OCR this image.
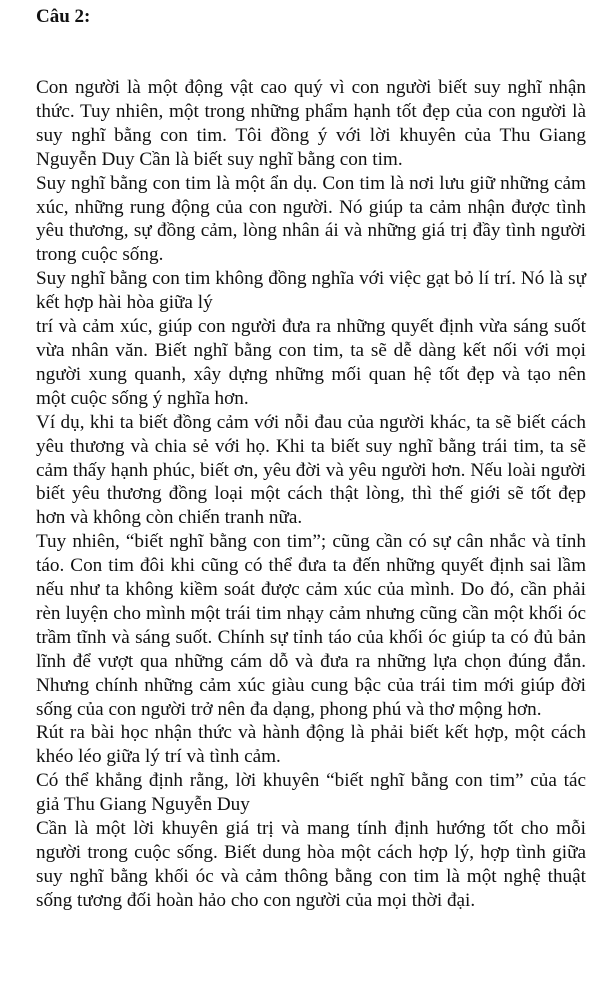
Câu 2:

Con người là một động vật cao quý vì con người biết suy nghĩ nhận thức. Tuy nhiên, một trong những phẩm hạnh tốt đẹp của con người là suy nghĩ bằng con tim. Tôi đồng ý với lời khuyên của Thu Giang Nguyễn Duy Cần là biết suy nghĩ bằng con tim.

Suy nghĩ bằng con tim là một ẩn dụ. Con tim là nơi lưu giữ những cảm xúc, những rung động của con người. Nó giúp ta cảm nhận được tình yêu thương, sự đồng cảm, lòng nhân ái và những giá trị đầy tình người trong cuộc sống.

Suy nghĩ bằng con tim không đồng nghĩa với việc gạt bỏ lí trí. Nó là sự kết hợp hài hòa giữa lý

trí và cảm xúc, giúp con người đưa ra những quyết định vừa sáng suốt vừa nhân văn. Biết nghĩ bằng con tim, ta sẽ dễ dàng kết nối với mọi người xung quanh, xây dựng những mối quan hệ tốt đẹp và tạo nên một cuộc sống ý nghĩa hơn.

Ví dụ, khi ta biết đồng cảm với nỗi đau của người khác, ta sẽ biết cách yêu thương và chia sẻ với họ. Khi ta biết suy nghĩ bằng trái tim, ta sẽ cảm thấy hạnh phúc, biết ơn, yêu đời và yêu người hơn. Nếu loài người biết yêu thương đồng loại một cách thật lòng, thì thế giới sẽ tốt đẹp hơn và không còn chiến tranh nữa.

Tuy nhiên, “biết nghĩ bằng con tim”; cũng cần có sự cân nhắc và tỉnh táo. Con tim đôi khi cũng có thể đưa ta đến những quyết định sai lầm nếu như ta không kiềm soát được cảm xúc của mình. Do đó, cần phải rèn luyện cho mình một trái tim nhạy cảm nhưng cũng cần một khối óc trầm tĩnh và sáng suốt. Chính sự tỉnh táo của khối óc giúp ta có đủ bản lĩnh để vượt qua những cám dỗ và đưa ra những lựa chọn đúng đắn. Nhưng chính những cảm xúc giàu cung bậc của trái tim mới giúp đời sống của con người trở nên đa dạng, phong phú và thơ mộng hơn.

Rút ra bài học nhận thức và hành động là phải biết kết hợp, một cách khéo léo giữa lý trí và tình cảm.

Có thể khẳng định rằng, lời khuyên “biết nghĩ bằng con tim” của tác giả Thu Giang Nguyễn Duy

Cần là một lời khuyên giá trị và mang tính định hướng tốt cho mỗi người trong cuộc sống. Biết dung hòa một cách hợp lý, hợp tình giữa suy nghĩ bằng khối óc và cảm thông bằng con tim là một nghệ thuật sống tương đối hoàn hảo cho con người của mọi thời đại.
